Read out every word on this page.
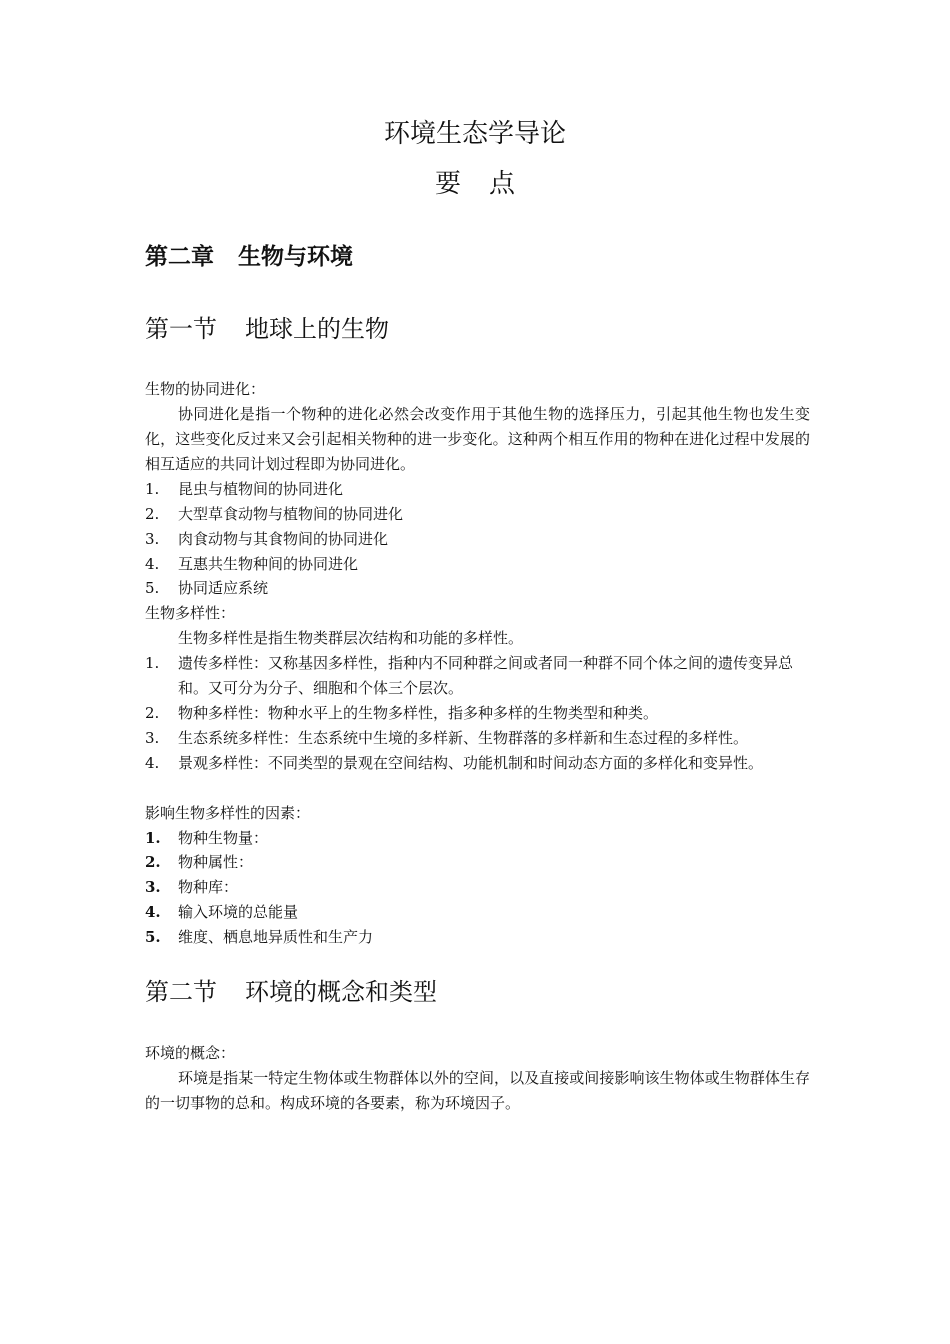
环境生态学导论
要 点
第二章 生物与环境
第一节 地球上的生物
生物的协同进化：
协同进化是指一个物种的进化必然会改变作用于其他生物的选择压力，引起其他生物也发生变化，这些变化反过来又会引起相关物种的进一步变化。这种两个相互作用的物种在进化过程中发展的相互适应的共同计划过程即为协同进化。
1. 昆虫与植物间的协同进化
2. 大型草食动物与植物间的协同进化
3. 肉食动物与其食物间的协同进化
4. 互惠共生物种间的协同进化
5. 协同适应系统
生物多样性：
生物多样性是指生物类群层次结构和功能的多样性。
1. 遗传多样性：又称基因多样性，指种内不同种群之间或者同一种群不同个体之间的遗传变异总和。又可分为分子、细胞和个体三个层次。
2. 物种多样性：物种水平上的生物多样性，指多种多样的生物类型和种类。
3. 生态系统多样性：生态系统中生境的多样新、生物群落的多样新和生态过程的多样性。
4. 景观多样性：不同类型的景观在空间结构、功能机制和时间动态方面的多样化和变异性。
影响生物多样性的因素：
1. 物种生物量：
2. 物种属性：
3. 物种库：
4. 输入环境的总能量
5. 维度、栖息地异质性和生产力
第二节 环境的概念和类型
环境的概念：
环境是指某一特定生物体或生物群体以外的空间，以及直接或间接影响该生物体或生物群体生存的一切事物的总和。构成环境的各要素，称为环境因子。
